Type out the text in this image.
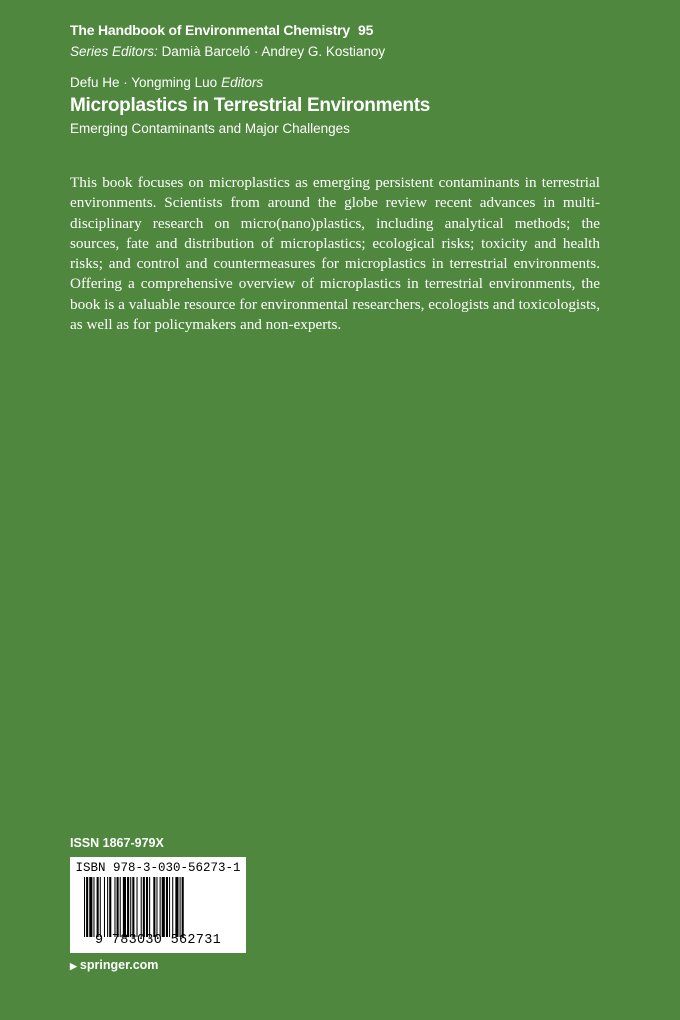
The Handbook of Environmental Chemistry 95
Series Editors: Damià Barceló · Andrey G. Kostianoy
Defu He · Yongming Luo Editors
Microplastics in Terrestrial Environments
Emerging Contaminants and Major Challenges

This book focuses on microplastics as emerging persistent contaminants in terrestrial environments. Scientists from around the globe review recent advances in multi-disciplinary research on micro(nano)plastics, including analytical methods; the sources, fate and distribution of microplastics; ecological risks; toxicity and health risks; and control and countermeasures for microplastics in terrestrial environments. Offering a comprehensive overview of microplastics in terrestrial environments, the book is a valuable resource for environmental researchers, ecologists and toxicologists, as well as for policymakers and non-experts.

ISSN 1867-979X
ISBN 978-3-030-56273-1
9 783030 562731
▶ springer.com
